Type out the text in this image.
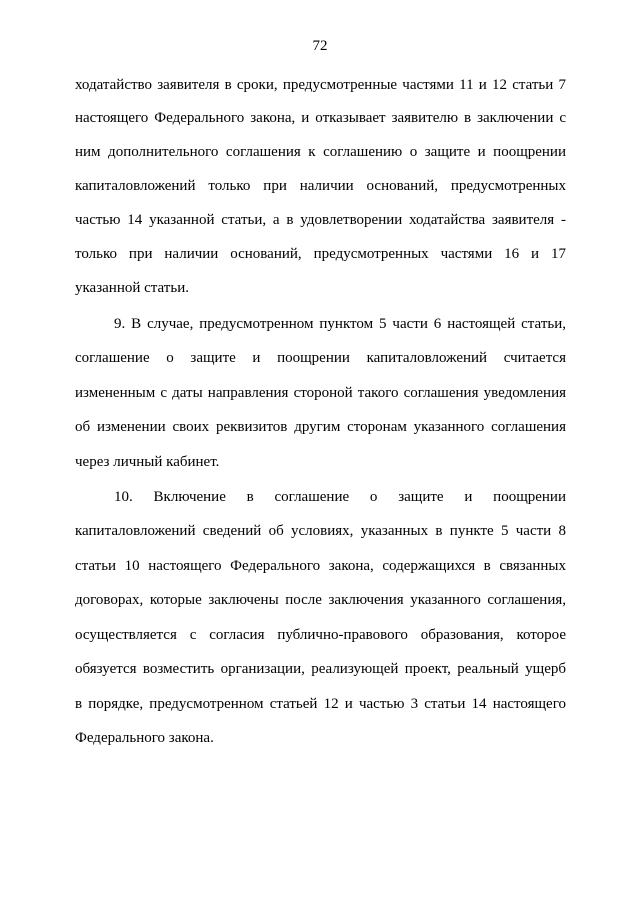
72
ходатайство заявителя в сроки, предусмотренные частями 11 и 12 статьи 7
настоящего Федерального закона, и отказывает заявителю в заключении с
ним дополнительного соглашения к соглашению о защите и поощрении
капиталовложений только при наличии оснований, предусмотренных
частью 14 указанной статьи, а в удовлетворении ходатайства заявителя -
только при наличии оснований, предусмотренных частями 16 и 17
указанной статьи.
9. В случае, предусмотренном пунктом 5 части 6 настоящей статьи,
соглашение о защите и поощрении капиталовложений считается
измененным с даты направления стороной такого соглашения уведомления
об изменении своих реквизитов другим сторонам указанного соглашения
через личный кабинет.
10. Включение в соглашение о защите и поощрении
капиталовложений сведений об условиях, указанных в пункте 5 части 8
статьи 10 настоящего Федерального закона, содержащихся в связанных
договорах, которые заключены после заключения указанного соглашения,
осуществляется с согласия публично-правового образования, которое
обязуется возместить организации, реализующей проект, реальный ущерб
в порядке, предусмотренном статьей 12 и частью 3 статьи 14 настоящего
Федерального закона.
